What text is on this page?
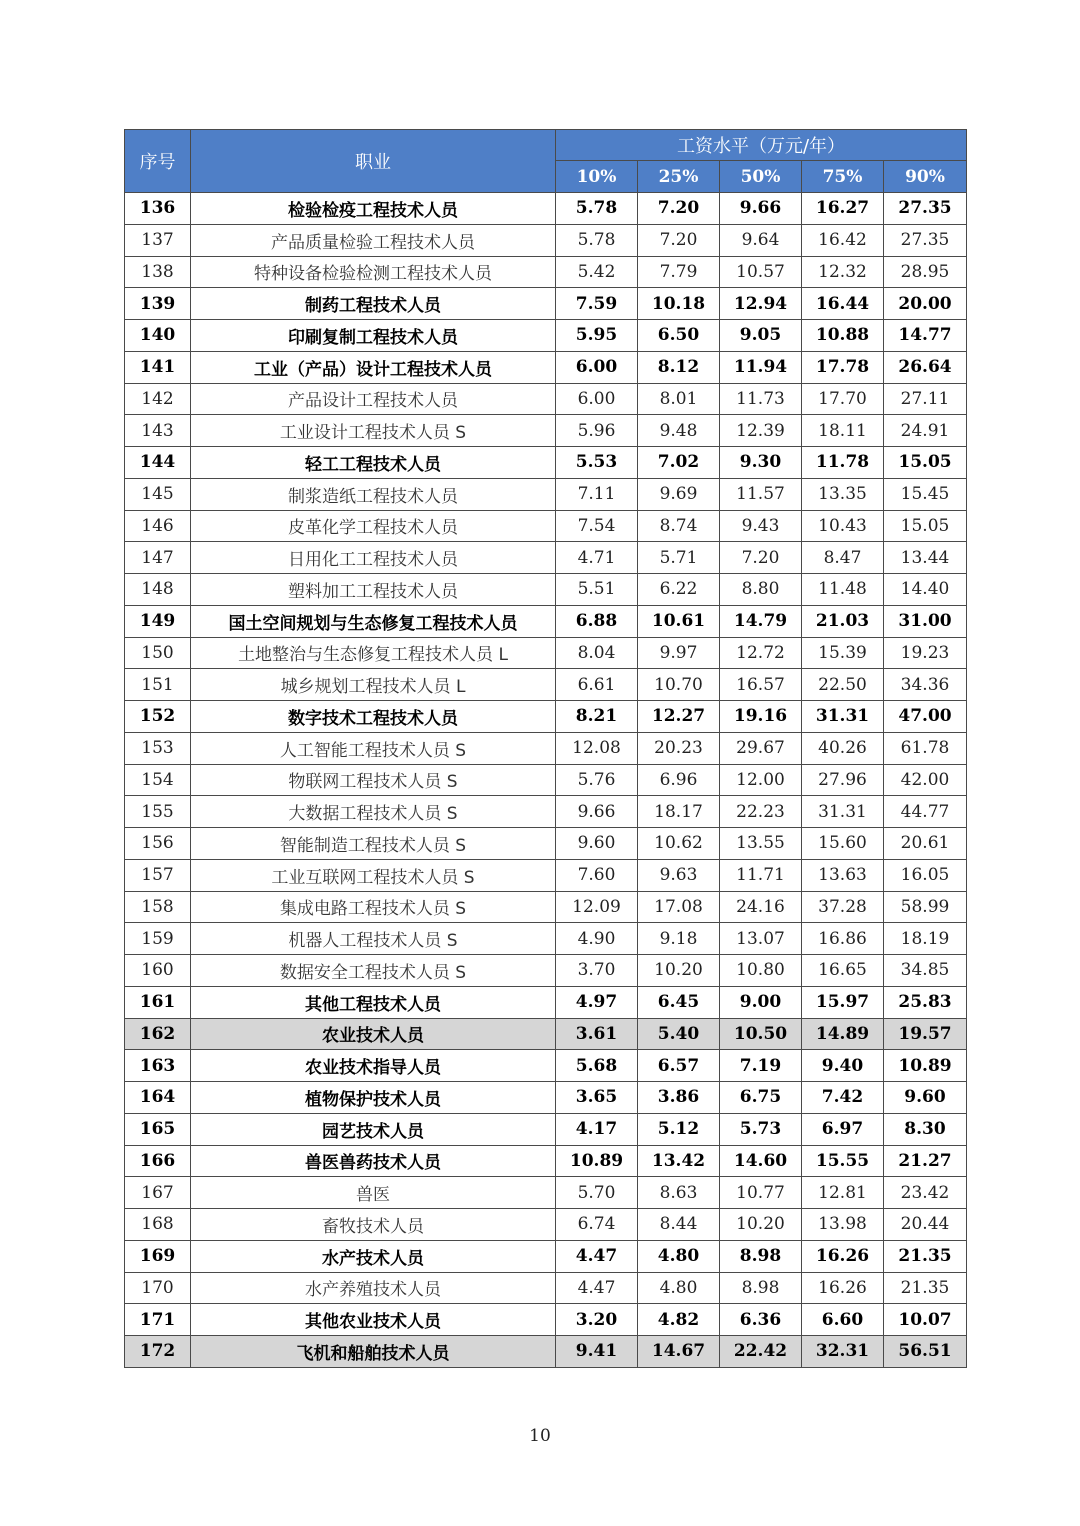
序号	职业	工资水平（万元/年）				
		10%	25%	50%	75%	90%
136	检验检疫工程技术人员	5.78	7.20	9.66	16.27	27.35
137	产品质量检验工程技术人员	5.78	7.20	9.64	16.42	27.35
138	特种设备检验检测工程技术人员	5.42	7.79	10.57	12.32	28.95
139	制药工程技术人员	7.59	10.18	12.94	16.44	20.00
140	印刷复制工程技术人员	5.95	6.50	9.05	10.88	14.77
141	工业（产品）设计工程技术人员	6.00	8.12	11.94	17.78	26.64
142	产品设计工程技术人员	6.00	8.01	11.73	17.70	27.11
143	工业设计工程技术人员 S	5.96	9.48	12.39	18.11	24.91
144	轻工工程技术人员	5.53	7.02	9.30	11.78	15.05
145	制浆造纸工程技术人员	7.11	9.69	11.57	13.35	15.45
146	皮革化学工程技术人员	7.54	8.74	9.43	10.43	15.05
147	日用化工工程技术人员	4.71	5.71	7.20	8.47	13.44
148	塑料加工工程技术人员	5.51	6.22	8.80	11.48	14.40
149	国土空间规划与生态修复工程技术人员	6.88	10.61	14.79	21.03	31.00
150	土地整治与生态修复工程技术人员 L	8.04	9.97	12.72	15.39	19.23
151	城乡规划工程技术人员 L	6.61	10.70	16.57	22.50	34.36
152	数字技术工程技术人员	8.21	12.27	19.16	31.31	47.00
153	人工智能工程技术人员 S	12.08	20.23	29.67	40.26	61.78
154	物联网工程技术人员 S	5.76	6.96	12.00	27.96	42.00
155	大数据工程技术人员 S	9.66	18.17	22.23	31.31	44.77
156	智能制造工程技术人员 S	9.60	10.62	13.55	15.60	20.61
157	工业互联网工程技术人员 S	7.60	9.63	11.71	13.63	16.05
158	集成电路工程技术人员 S	12.09	17.08	24.16	37.28	58.99
159	机器人工程技术人员 S	4.90	9.18	13.07	16.86	18.19
160	数据安全工程技术人员 S	3.70	10.20	10.80	16.65	34.85
161	其他工程技术人员	4.97	6.45	9.00	15.97	25.83
162	农业技术人员	3.61	5.40	10.50	14.89	19.57
163	农业技术指导人员	5.68	6.57	7.19	9.40	10.89
164	植物保护技术人员	3.65	3.86	6.75	7.42	9.60
165	园艺技术人员	4.17	5.12	5.73	6.97	8.30
166	兽医兽药技术人员	10.89	13.42	14.60	15.55	21.27
167	兽医	5.70	8.63	10.77	12.81	23.42
168	畜牧技术人员	6.74	8.44	10.20	13.98	20.44
169	水产技术人员	4.47	4.80	8.98	16.26	21.35
170	水产养殖技术人员	4.47	4.80	8.98	16.26	21.35
171	其他农业技术人员	3.20	4.82	6.36	6.60	10.07
172	飞机和船舶技术人员	9.41	14.67	22.42	32.31	56.51
10
